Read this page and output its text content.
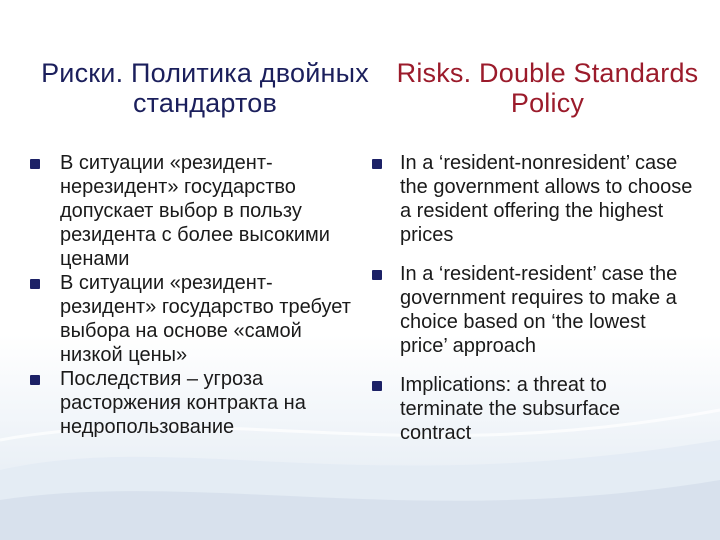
Риски. Политика двойных стандартов
Risks. Double Standards Policy
В ситуации «резидент-нерезидент» государство допускает выбор в пользу резидента с более высокими ценами
В ситуации «резидент-резидент» государство требует выбора на основе «самой низкой цены»
Последствия – угроза расторжения контракта на недропользование
In a ‘resident-nonresident’ case the government allows to choose a resident offering the highest prices
In a ‘resident-resident’ case the government requires to make a choice based on ‘the lowest price’ approach
Implications: a threat to terminate the subsurface contract
